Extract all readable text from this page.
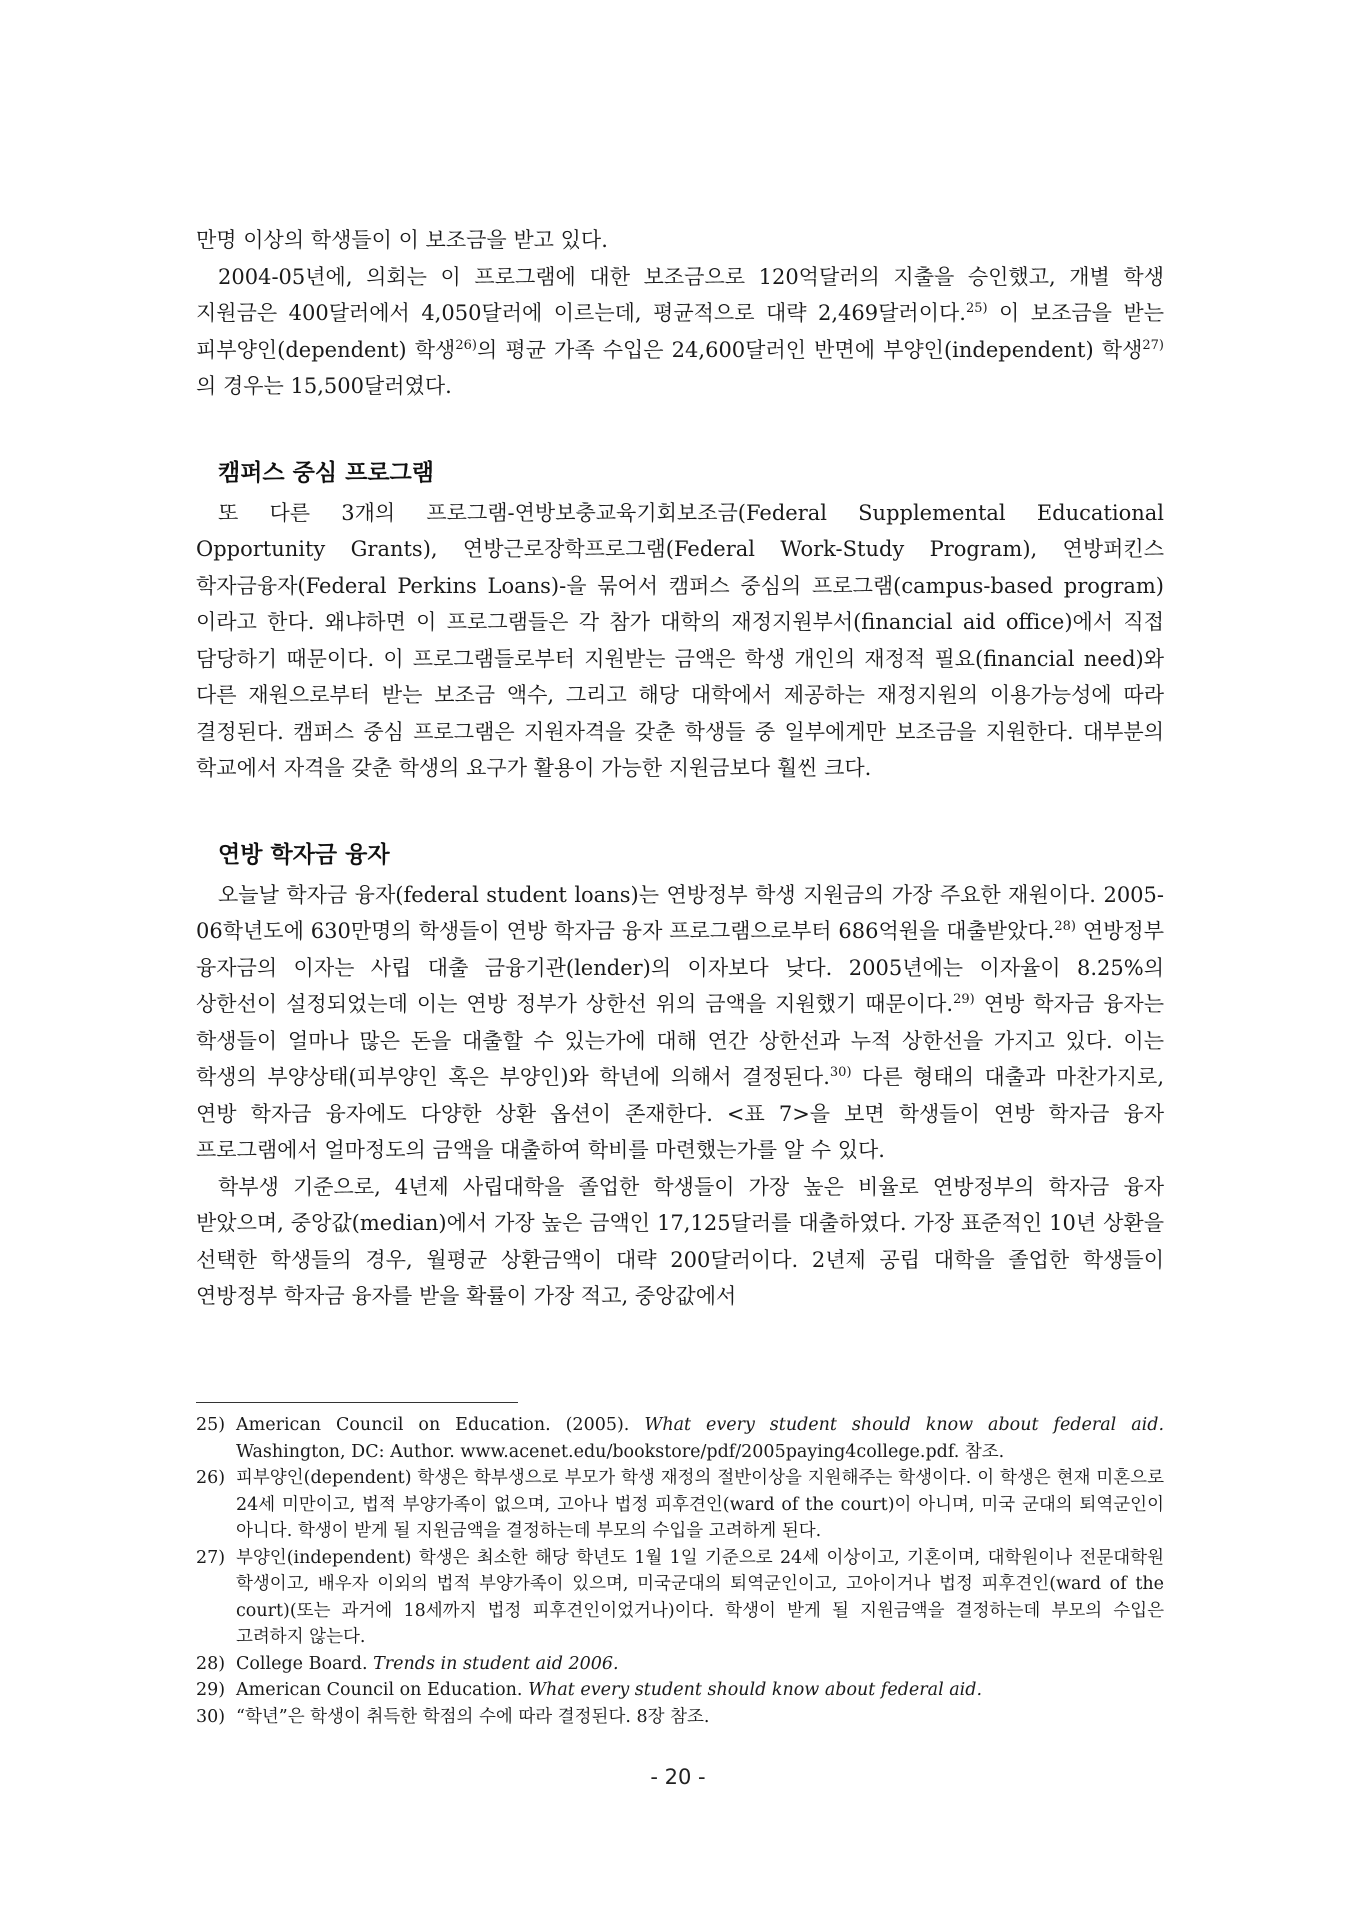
만명 이상의 학생들이 이 보조금을 받고 있다.

2004-05년에, 의회는 이 프로그램에 대한 보조금으로 120억달러의 지출을 승인했고, 개별 학생 지원금은 400달러에서 4,050달러에 이르는데, 평균적으로 대략 2,469달러이다.$^{25)}$ 이 보조금을 받는 피부양인(dependent) 학생$^{26)}$의 평균 가족 수입은 24,600달러인 반면에 부양인(independent) 학생$^{27)}$의 경우는 15,500달러였다.

캠퍼스 중심 프로그램

또 다른 3개의 프로그램-연방보충교육기회보조금(Federal Supplemental Educational Opportunity Grants), 연방근로장학프로그램(Federal Work-Study Program), 연방퍼킨스 학자금융자(Federal Perkins Loans)-을 묶어서 캠퍼스 중심의 프로그램(campus-based program)이라고 한다. 왜냐하면 이 프로그램들은 각 참가 대학의 재정지원부서(financial aid office)에서 직접 담당하기 때문이다. 이 프로그램들로부터 지원받는 금액은 학생 개인의 재정적 필요(financial need)와 다른 재원으로부터 받는 보조금 액수, 그리고 해당 대학에서 제공하는 재정지원의 이용가능성에 따라 결정된다. 캠퍼스 중심 프로그램은 지원자격을 갖춘 학생들 중 일부에게만 보조금을 지원한다. 대부분의 학교에서 자격을 갖춘 학생의 요구가 활용이 가능한 지원금보다 훨씬 크다.

연방 학자금 융자

오늘날 학자금 융자(federal student loans)는 연방정부 학생 지원금의 가장 주요한 재원이다. 2005-06학년도에 630만명의 학생들이 연방 학자금 융자 프로그램으로부터 686억원을 대출받았다.$^{28)}$ 연방정부 융자금의 이자는 사립 대출 금융기관(lender)의 이자보다 낮다. 2005년에는 이자율이 8.25%의 상한선이 설정되었는데 이는 연방 정부가 상한선 위의 금액을 지원했기 때문이다.$^{29)}$ 연방 학자금 융자는 학생들이 얼마나 많은 돈을 대출할 수 있는가에 대해 연간 상한선과 누적 상한선을 가지고 있다. 이는 학생의 부양상태(피부양인 혹은 부양인)와 학년에 의해서 결정된다.$^{30)}$ 다른 형태의 대출과 마찬가지로, 연방 학자금 융자에도 다양한 상환 옵션이 존재한다. <표 7>을 보면 학생들이 연방 학자금 융자 프로그램에서 얼마정도의 금액을 대출하여 학비를 마련했는가를 알 수 있다.

학부생 기준으로, 4년제 사립대학을 졸업한 학생들이 가장 높은 비율로 연방정부의 학자금 융자 받았으며, 중앙값(median)에서 가장 높은 금액인 17,125달러를 대출하였다. 가장 표준적인 10년 상환을 선택한 학생들의 경우, 월평균 상환금액이 대략 200달러이다. 2년제 공립 대학을 졸업한 학생들이 연방정부 학자금 융자를 받을 확률이 가장 적고, 중앙값에서

25) American Council on Education. (2005). What every student should know about federal aid. Washington, DC: Author. www.acenet.edu/bookstore/pdf/2005paying4college.pdf. 참조.
26) 피부양인(dependent) 학생은 학부생으로 부모가 학생 재정의 절반이상을 지원해주는 학생이다. 이 학생은 현재 미혼으로 24세 미만이고, 법적 부양가족이 없으며, 고아나 법정 피후견인(ward of the court)이 아니며, 미국 군대의 퇴역군인이 아니다. 학생이 받게 될 지원금액을 결정하는데 부모의 수입을 고려하게 된다.
27) 부양인(independent) 학생은 최소한 해당 학년도 1월 1일 기준으로 24세 이상이고, 기혼이며, 대학원이나 전문대학원 학생이고, 배우자 이외의 법적 부양가족이 있으며, 미국군대의 퇴역군인이고, 고아이거나 법정 피후견인(ward of the court)(또는 과거에 18세까지 법정 피후견인이었거나)이다. 학생이 받게 될 지원금액을 결정하는데 부모의 수입은 고려하지 않는다.
28) College Board. Trends in student aid 2006.
29) American Council on Education. What every student should know about federal aid.
30) “학년”은 학생이 취득한 학점의 수에 따라 결정된다. 8장 참조.
- 20 -
